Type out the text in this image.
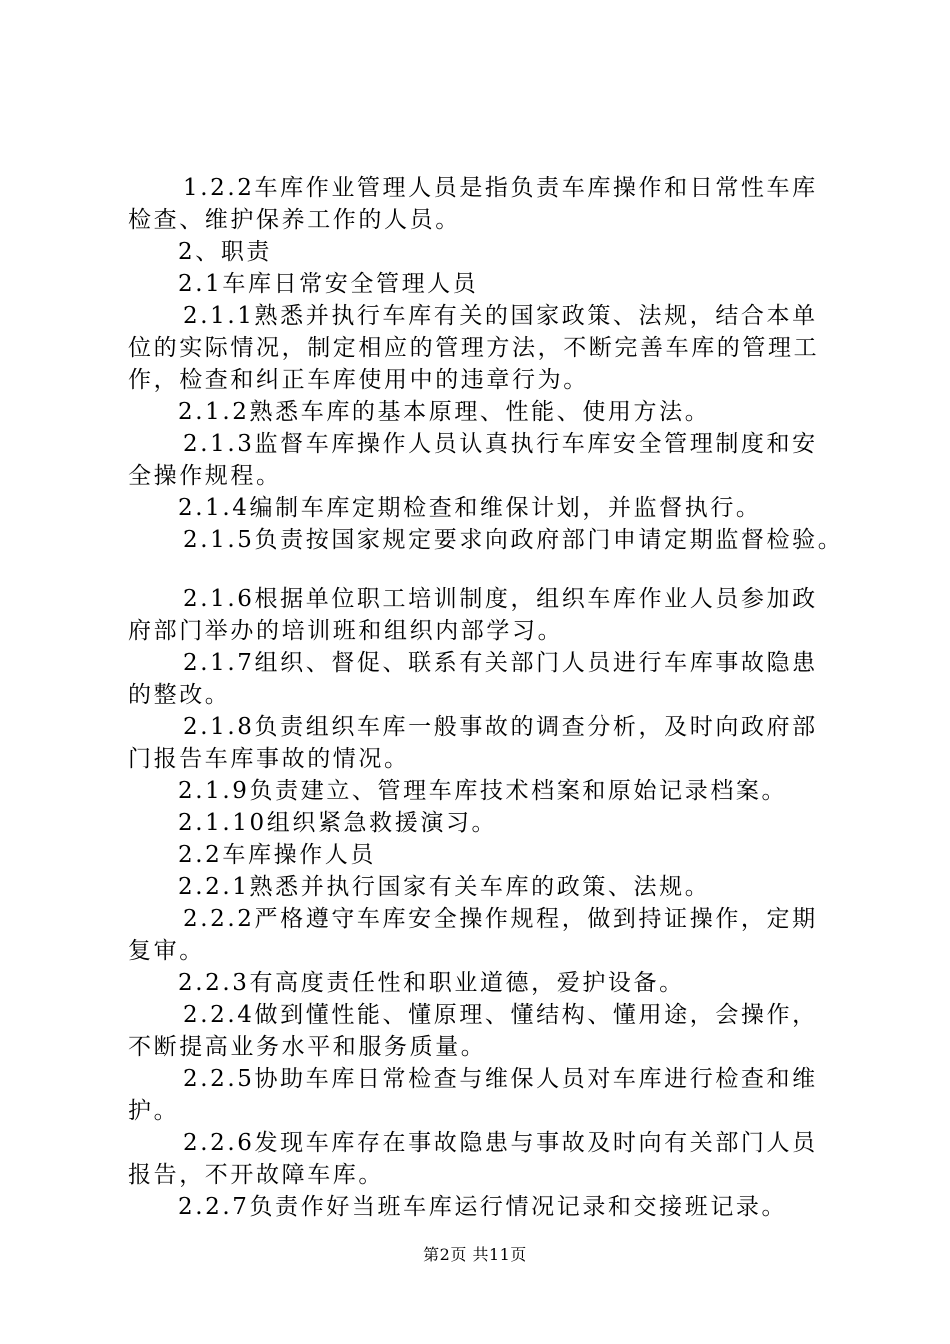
1.2.2车库作业管理人员是指负责车库操作和日常性车库
检查、维护保养工作的人员。
2、职责
2.1车库日常安全管理人员
2.1.1熟悉并执行车库有关的国家政策、法规，结合本单
位的实际情况，制定相应的管理方法，不断完善车库的管理工
作，检查和纠正车库使用中的违章行为。
2.1.2熟悉车库的基本原理、性能、使用方法。
2.1.3监督车库操作人员认真执行车库安全管理制度和安
全操作规程。
2.1.4编制车库定期检查和维保计划，并监督执行。
2.1.5负责按国家规定要求向政府部门申请定期监督检验。
2.1.6根据单位职工培训制度，组织车库作业人员参加政
府部门举办的培训班和组织内部学习。
2.1.7组织、督促、联系有关部门人员进行车库事故隐患
的整改。
2.1.8负责组织车库一般事故的调查分析，及时向政府部
门报告车库事故的情况。
2.1.9负责建立、管理车库技术档案和原始记录档案。
2.1.10组织紧急救援演习。
2.2车库操作人员
2.2.1熟悉并执行国家有关车库的政策、法规。
2.2.2严格遵守车库安全操作规程，做到持证操作，定期
复审。
2.2.3有高度责任性和职业道德，爱护设备。
2.2.4做到懂性能、懂原理、懂结构、懂用途，会操作，
不断提高业务水平和服务质量。
2.2.5协助车库日常检查与维保人员对车库进行检查和维
护。
2.2.6发现车库存在事故隐患与事故及时向有关部门人员
报告，不开故障车库。
2.2.7负责作好当班车库运行情况记录和交接班记录。
第2页 共11页
